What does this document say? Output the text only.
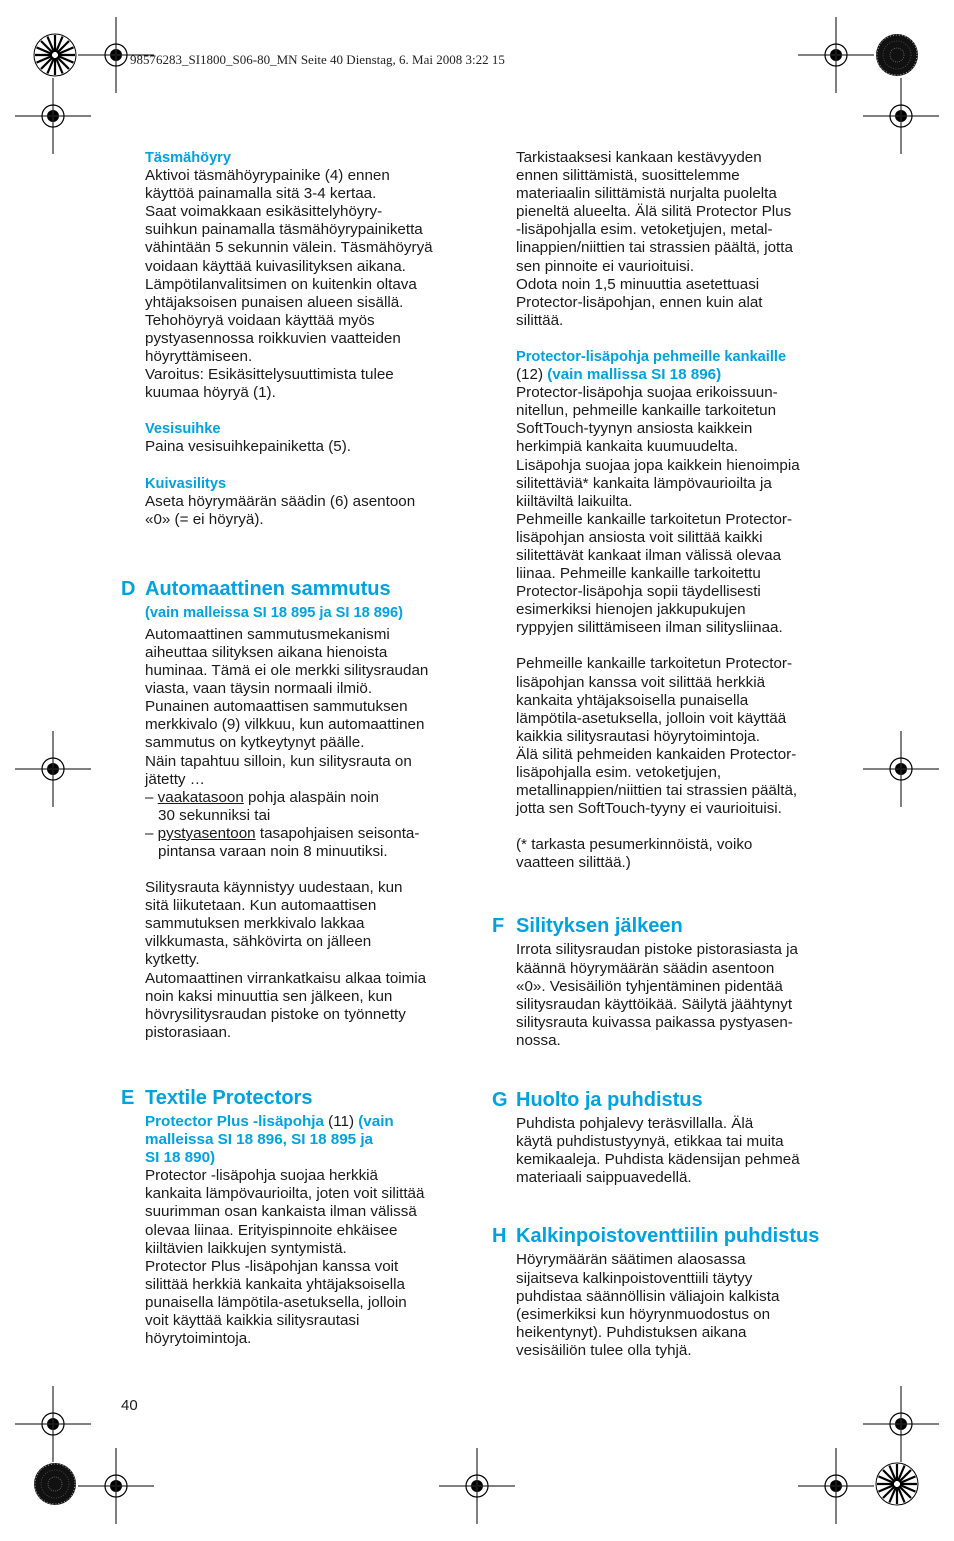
98576283_SI1800_S06-80_MN Seite 40 Dienstag, 6. Mai 2008 3:22 15

Täsmähöyry

Aktivoi täsmähöyrypainike (4) ennen
käyttöä painamalla sitä 3-4 kertaa.
Saat voimakkaan esikäsittelyhöyry-
suihkun painamalla täsmähöyrypainiketta
vähintään 5 sekunnin välein. Täsmähöyryä
voidaan käyttää kuivasilityksen aikana.
Lämpötilanvalitsimen on kuitenkin oltava
yhtäjaksoisen punaisen alueen sisällä.
Tehohöyryä voidaan käyttää myös
pystyasennossa roikkuvien vaatteiden
höyryttämiseen.
Varoitus: Esikäsittelysuuttimista tulee
kuumaa höyryä (1).

Vesisuihke

Paina vesisuihkepainiketta (5).

Kuivasilitys

Aseta höyrymäärän säädin (6) asentoon
«0» (= ei höyryä).

D Automaattinen sammutus

(vain malleissa SI 18 895 ja SI 18 896)

Automaattinen sammutusmekanismi
aiheuttaa silityksen aikana hienoista
huminaa. Tämä ei ole merkki silitysraudan
viasta, vaan täysin normaali ilmiö.
Punainen automaattisen sammutuksen
merkkivalo (9) vilkkuu, kun automaattinen
sammutus on kytkeytynyt päälle.
Näin tapahtuu silloin, kun silitysrauta on
jätetty …

– vaakatasoon pohja alaspäin noin
30 sekunniksi tai

– pystyasentoon tasapohjaisen seisonta-
pintansa varaan noin 8 minuutiksi.

Silitysrauta käynnistyy uudestaan, kun
sitä liikutetaan. Kun automaattisen
sammutuksen merkkivalo lakkaa
vilkkumasta, sähkövirta on jälleen
kytketty.
Automaattinen virrankatkaisu alkaa toimia
noin kaksi minuuttia sen jälkeen, kun
hövrysilitysraudan pistoke on työnnetty
pistorasiaan.

E Textile Protectors

Protector Plus -lisäpohja (11) (vain
malleissa SI 18 896, SI 18 895 ja
SI 18 890)

Protector -lisäpohja suojaa herkkiä
kankaita lämpövaurioilta, joten voit silittää
suurimman osan kankaista ilman välissä
olevaa liinaa. Erityispinnoite ehkäisee
kiiltävien laikkujen syntymistä.
Protector Plus -lisäpohjan kanssa voit
silittää herkkiä kankaita yhtäjaksoisella
punaisella lämpötila-asetuksella, jolloin
voit käyttää kaikkia silitysrautasi
höyrytoimintoja.

40

Tarkistaaksesi kankaan kestävyyden
ennen silittämistä, suosittelemme
materiaalin silittämistä nurjalta puolelta
pieneltä alueelta. Älä silitä Protector Plus
-lisäpohjalla esim. vetoketjujen, metal-
linappien/niittien tai strassien päältä, jotta
sen pinnoite ei vaurioituisi.
Odota noin 1,5 minuuttia asetettuasi
Protector-lisäpohjan, ennen kuin alat
silittää.

Protector-lisäpohja pehmeille kankaille

(12) (vain mallissa SI 18 896)

Protector-lisäpohja suojaa erikoissuun-
nitellun, pehmeille kankaille tarkoitetun
SoftTouch-tyynyn ansiosta kaikkein
herkimpiä kankaita kuumuudelta.
Lisäpohja suojaa jopa kaikkein hienoimpia
silitettäviä* kankaita lämpövaurioilta ja
kiiltäviltä laikuilta.
Pehmeille kankaille tarkoitetun Protector-
lisäpohjan ansiosta voit silittää kaikki
silitettävät kankaat ilman välissä olevaa
liinaa. Pehmeille kankaille tarkoitettu
Protector-lisäpohja sopii täydellisesti
esimerkiksi hienojen jakkupukujen
ryppyjen silittämiseen ilman silitysliinaa.

Pehmeille kankaille tarkoitetun Protector-
lisäpohjan kanssa voit silittää herkkiä
kankaita yhtäjaksoisella punaisella
lämpötila-asetuksella, jolloin voit käyttää
kaikkia silitysrautasi höyrytoimintoja.
Älä silitä pehmeiden kankaiden Protector-
lisäpohjalla esim. vetoketjujen,
metallinappien/niittien tai strassien päältä,
jotta sen SoftTouch-tyyny ei vaurioituisi.

(* tarkasta pesumerkinnöistä, voiko
vaatteen silittää.)

F Silityksen jälkeen

Irrota silitysraudan pistoke pistorasiasta ja
käännä höyrymäärän säädin asentoon
«0». Vesisäiliön tyhjentäminen pidentää
silitysraudan käyttöikää. Säilytä jäähtynyt
silitysrauta kuivassa paikassa pystyasen-
nossa.

G Huolto ja puhdistus

Puhdista pohjalevy teräsvillalla. Älä
käytä puhdistustyynyä, etikkaa tai muita
kemikaaleja. Puhdista kädensijan pehmeä
materiaali saippuavedellä.

H Kalkinpoistoventtiilin puhdistus

Höyrymäärän säätimen alaosassa
sijaitseva kalkinpoistoventtiili täytyy
puhdistaa säännöllisin väliajoin kalkista
(esimerkiksi kun höyrynmuodostus on
heikentynyt). Puhdistuksen aikana
vesisäiliön tulee olla tyhjä.
